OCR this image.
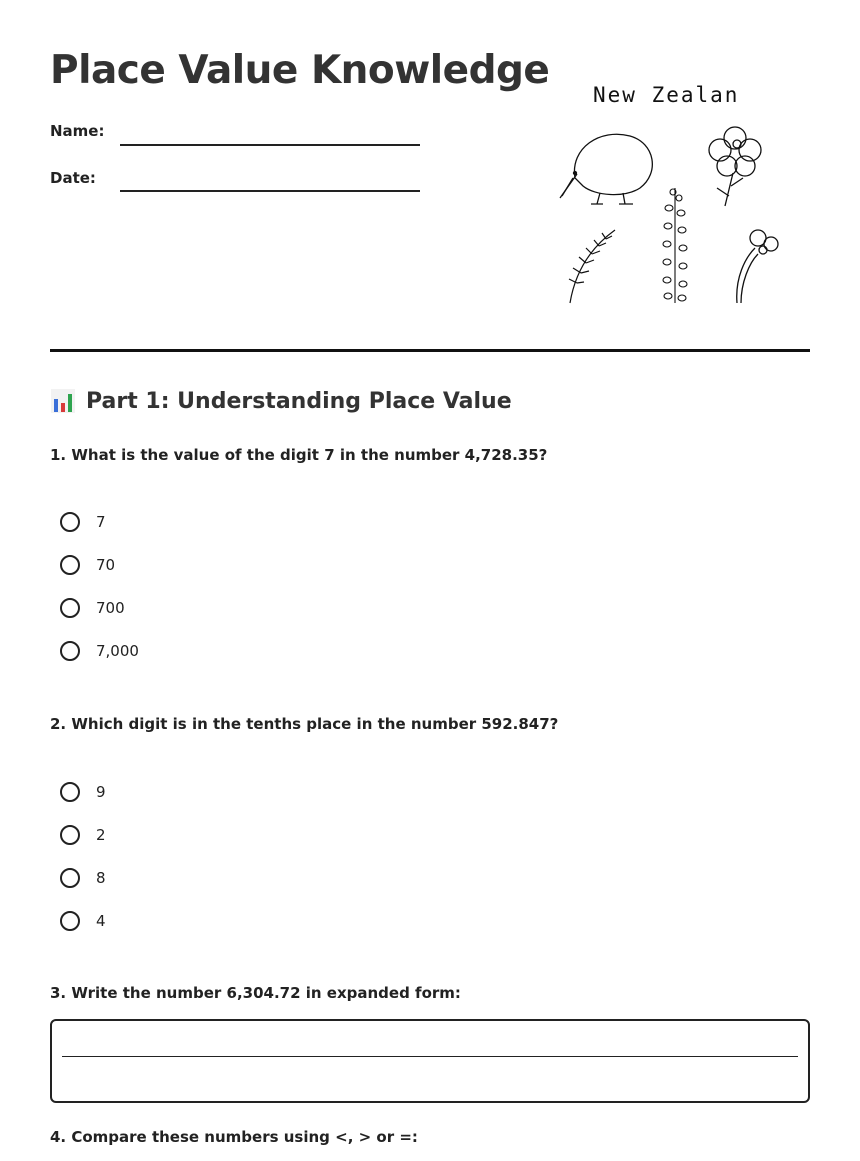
Place Value Knowledge
Name:
Date:
New Zealan
Part 1: Understanding Place Value
1. What is the value of the digit 7 in the number 4,728.35?
7
70
700
7,000
2. Which digit is in the tenths place in the number 592.847?
9
2
8
4
3. Write the number 6,304.72 in expanded form:
4. Compare these numbers using <, > or =:
